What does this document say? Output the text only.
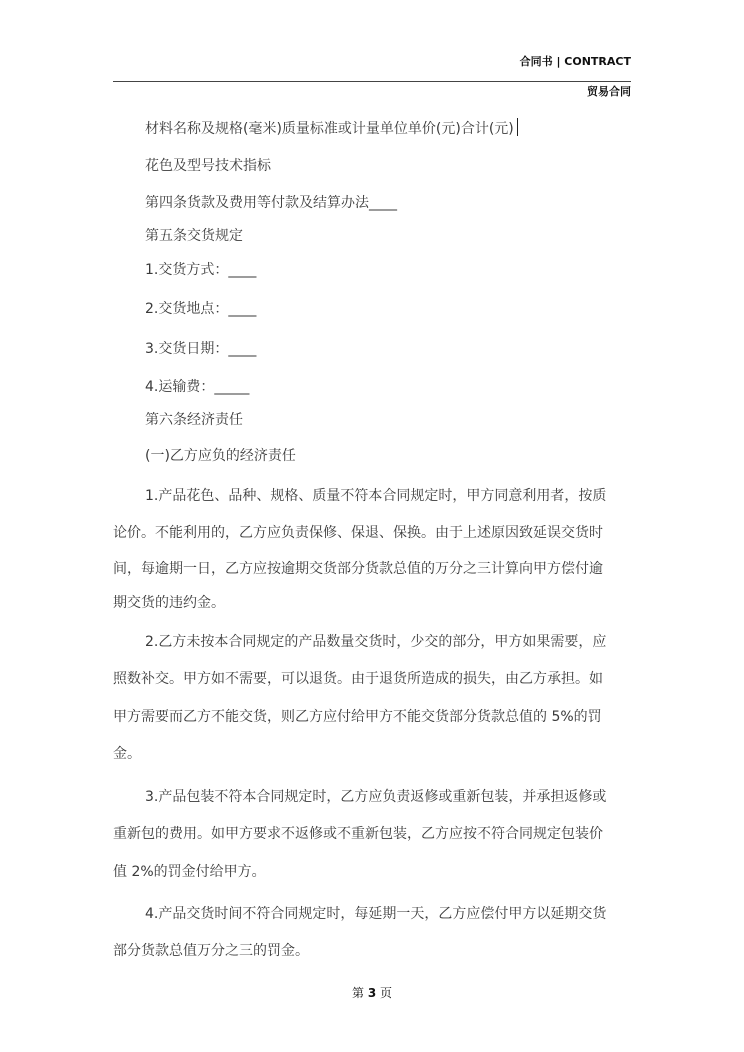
合同书 | CONTRACT
贸易合同
材料名称及规格(毫米)质量标准或计量单位单价(元)合计(元)
花色及型号技术指标
第四条货款及费用等付款及结算办法____
第五条交货规定
1.交货方式：____
2.交货地点：____
3.交货日期：____
4.运输费：_____
第六条经济责任
(一)乙方应负的经济责任
1.产品花色、品种、规格、质量不符本合同规定时，甲方同意利用者，按质
论价。不能利用的，乙方应负责保修、保退、保换。由于上述原因致延误交货时
间，每逾期一日，乙方应按逾期交货部分货款总值的万分之三计算向甲方偿付逾
期交货的违约金。
2.乙方未按本合同规定的产品数量交货时，少交的部分，甲方如果需要，应
照数补交。甲方如不需要，可以退货。由于退货所造成的损失，由乙方承担。如
甲方需要而乙方不能交货，则乙方应付给甲方不能交货部分货款总值的 5%的罚
金。
3.产品包装不符本合同规定时，乙方应负责返修或重新包装，并承担返修或
重新包的费用。如甲方要求不返修或不重新包装，乙方应按不符合同规定包装价
值 2%的罚金付给甲方。
4.产品交货时间不符合同规定时，每延期一天，乙方应偿付甲方以延期交货
部分货款总值万分之三的罚金。
第 3 页
